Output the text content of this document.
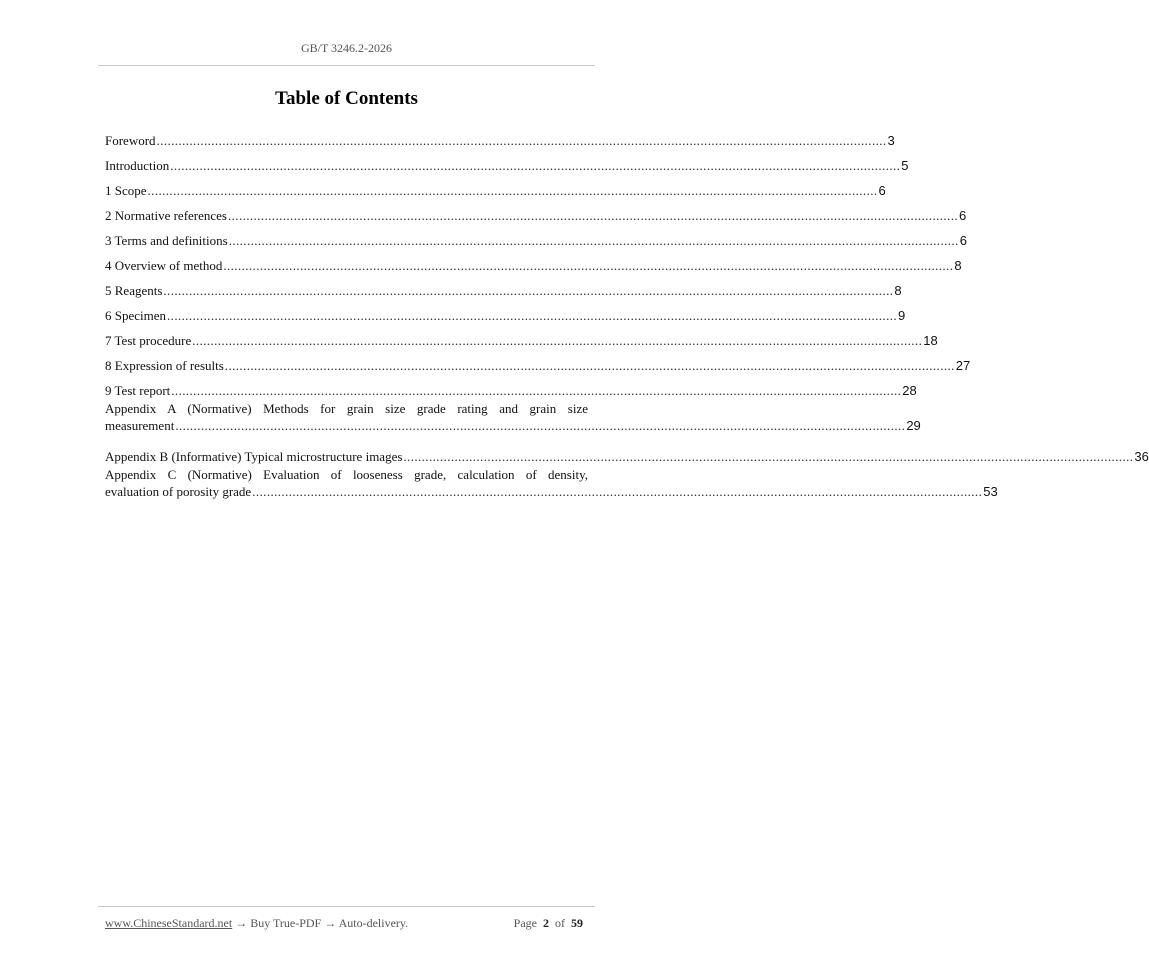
GB/T 3246.2-2026
Table of Contents
Foreword ........................................................................................................................................................................................................ 3
Introduction ........................................................................................................................................................................................................ 5
1 Scope ........................................................................................................................................................................................................ 6
2 Normative references ........................................................................................................................................................................................................ 6
3 Terms and definitions ........................................................................................................................................................................................................ 6
4 Overview of method ........................................................................................................................................................................................................ 8
5 Reagents ........................................................................................................................................................................................................ 8
6 Specimen ........................................................................................................................................................................................................ 9
7 Test procedure ........................................................................................................................................................................................................ 18
8 Expression of results ........................................................................................................................................................................................................ 27
9 Test report ........................................................................................................................................................................................................ 28
Appendix A (Normative) Methods for grain size grade rating and grain size
measurement ........................................................................................................................................................................................................ 29
Appendix B (Informative) Typical microstructure images ........................................................................................................................................................................................................ 36
Appendix C (Normative) Evaluation of looseness grade, calculation of density,
evaluation of porosity grade ........................................................................................................................................................................................................ 53
www.ChineseStandard.net → Buy True-PDF → Auto-delivery.	Page 2 of 59
